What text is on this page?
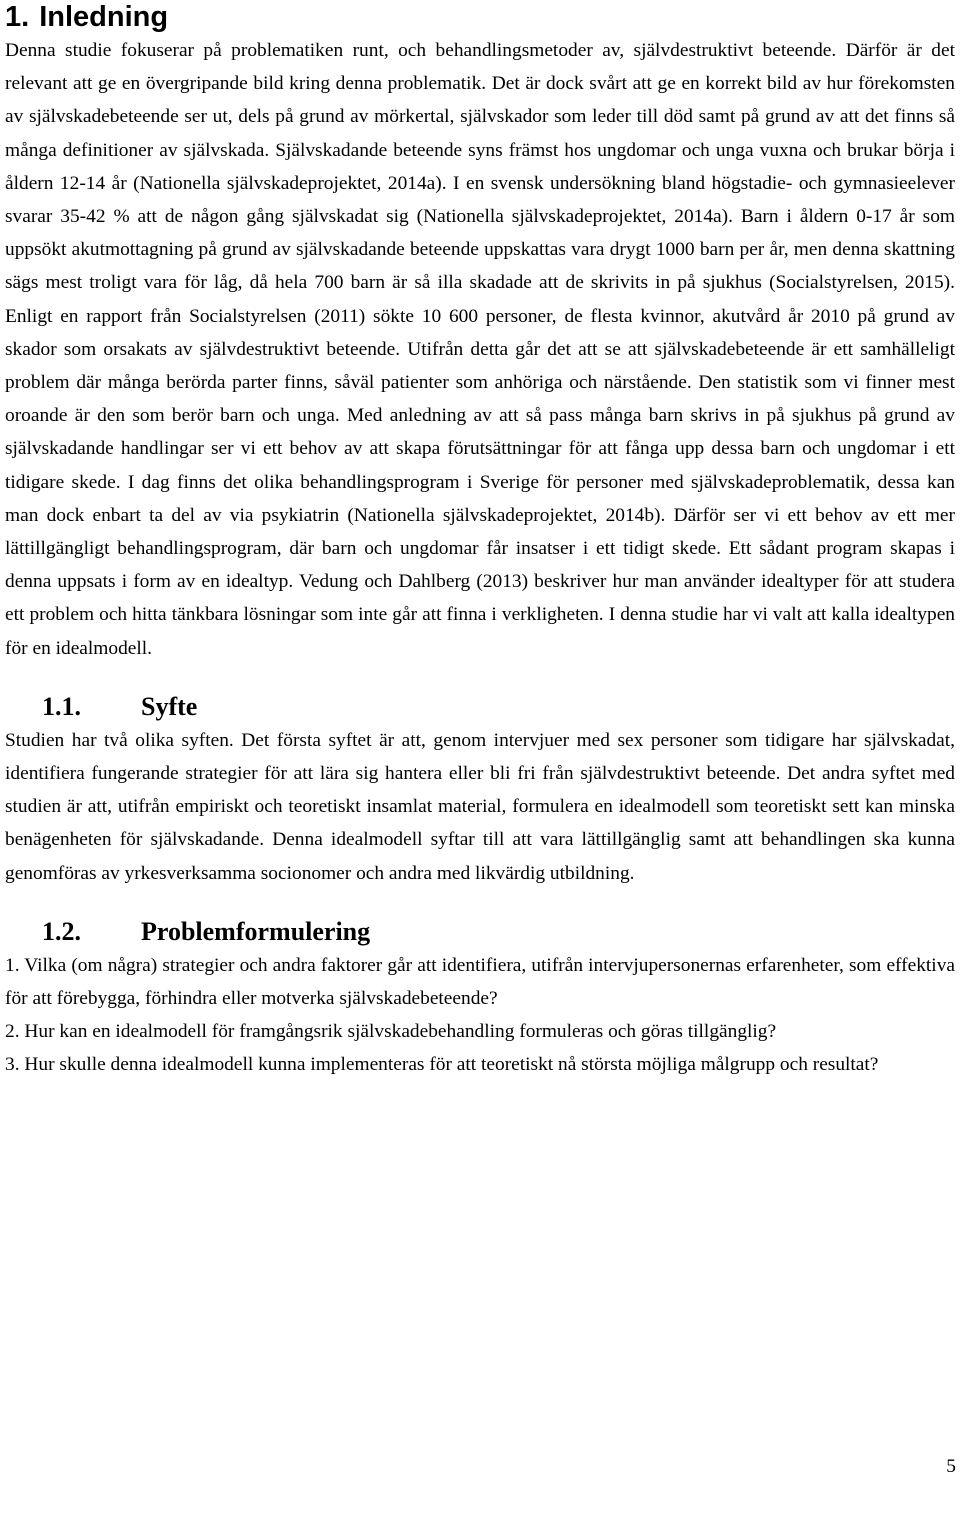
1. Inledning

Denna studie fokuserar på problematiken runt, och behandlingsmetoder av, självdestruktivt beteende. Därför är det relevant att ge en övergripande bild kring denna problematik. Det är dock svårt att ge en korrekt bild av hur förekomsten av självskadebeteende ser ut, dels på grund av mörkertal, självskador som leder till död samt på grund av att det finns så många definitioner av självskada. Självskadande beteende syns främst hos ungdomar och unga vuxna och brukar börja i åldern 12-14 år (Nationella självskadeprojektet, 2014a). I en svensk undersökning bland högstadie- och gymnasieelever svarar 35-42 % att de någon gång självskadat sig (Nationella självskadeprojektet, 2014a). Barn i åldern 0-17 år som uppsökt akutmottagning på grund av självskadande beteende uppskattas vara drygt 1000 barn per år, men denna skattning sägs mest troligt vara för låg, då hela 700 barn är så illa skadade att de skrivits in på sjukhus (Socialstyrelsen, 2015). Enligt en rapport från Socialstyrelsen (2011) sökte 10 600 personer, de flesta kvinnor, akutvård år 2010 på grund av skador som orsakats av självdestruktivt beteende. Utifrån detta går det att se att självskadebeteende är ett samhälleligt problem där många berörda parter finns, såväl patienter som anhöriga och närstående. Den statistik som vi finner mest oroande är den som berör barn och unga. Med anledning av att så pass många barn skrivs in på sjukhus på grund av självskadande handlingar ser vi ett behov av att skapa förutsättningar för att fånga upp dessa barn och ungdomar i ett tidigare skede. I dag finns det olika behandlingsprogram i Sverige för personer med självskadeproblematik, dessa kan man dock enbart ta del av via psykiatrin (Nationella självskadeprojektet, 2014b). Därför ser vi ett behov av ett mer lättillgängligt behandlingsprogram, där barn och ungdomar får insatser i ett tidigt skede. Ett sådant program skapas i denna uppsats i form av en idealtyp. Vedung och Dahlberg (2013) beskriver hur man använder idealtyper för att studera ett problem och hitta tänkbara lösningar som inte går att finna i verkligheten. I denna studie har vi valt att kalla idealtypen för en idealmodell.

1.1.	Syfte

Studien har två olika syften. Det första syftet är att, genom intervjuer med sex personer som tidigare har självskadat, identifiera fungerande strategier för att lära sig hantera eller bli fri från självdestruktivt beteende. Det andra syftet med studien är att, utifrån empiriskt och teoretiskt insamlat material, formulera en idealmodell som teoretiskt sett kan minska benägenheten för självskadande. Denna idealmodell syftar till att vara lättillgänglig samt att behandlingen ska kunna genomföras av yrkesverksamma socionomer och andra med likvärdig utbildning.

1.2.	Problemformulering

1. Vilka (om några) strategier och andra faktorer går att identifiera, utifrån intervjupersonernas erfarenheter, som effektiva för att förebygga, förhindra eller motverka självskadebeteende?

2. Hur kan en idealmodell för framgångsrik självskadebehandling formuleras och göras tillgänglig?

3. Hur skulle denna idealmodell kunna implementeras för att teoretiskt nå största möjliga målgrupp och resultat?

5
